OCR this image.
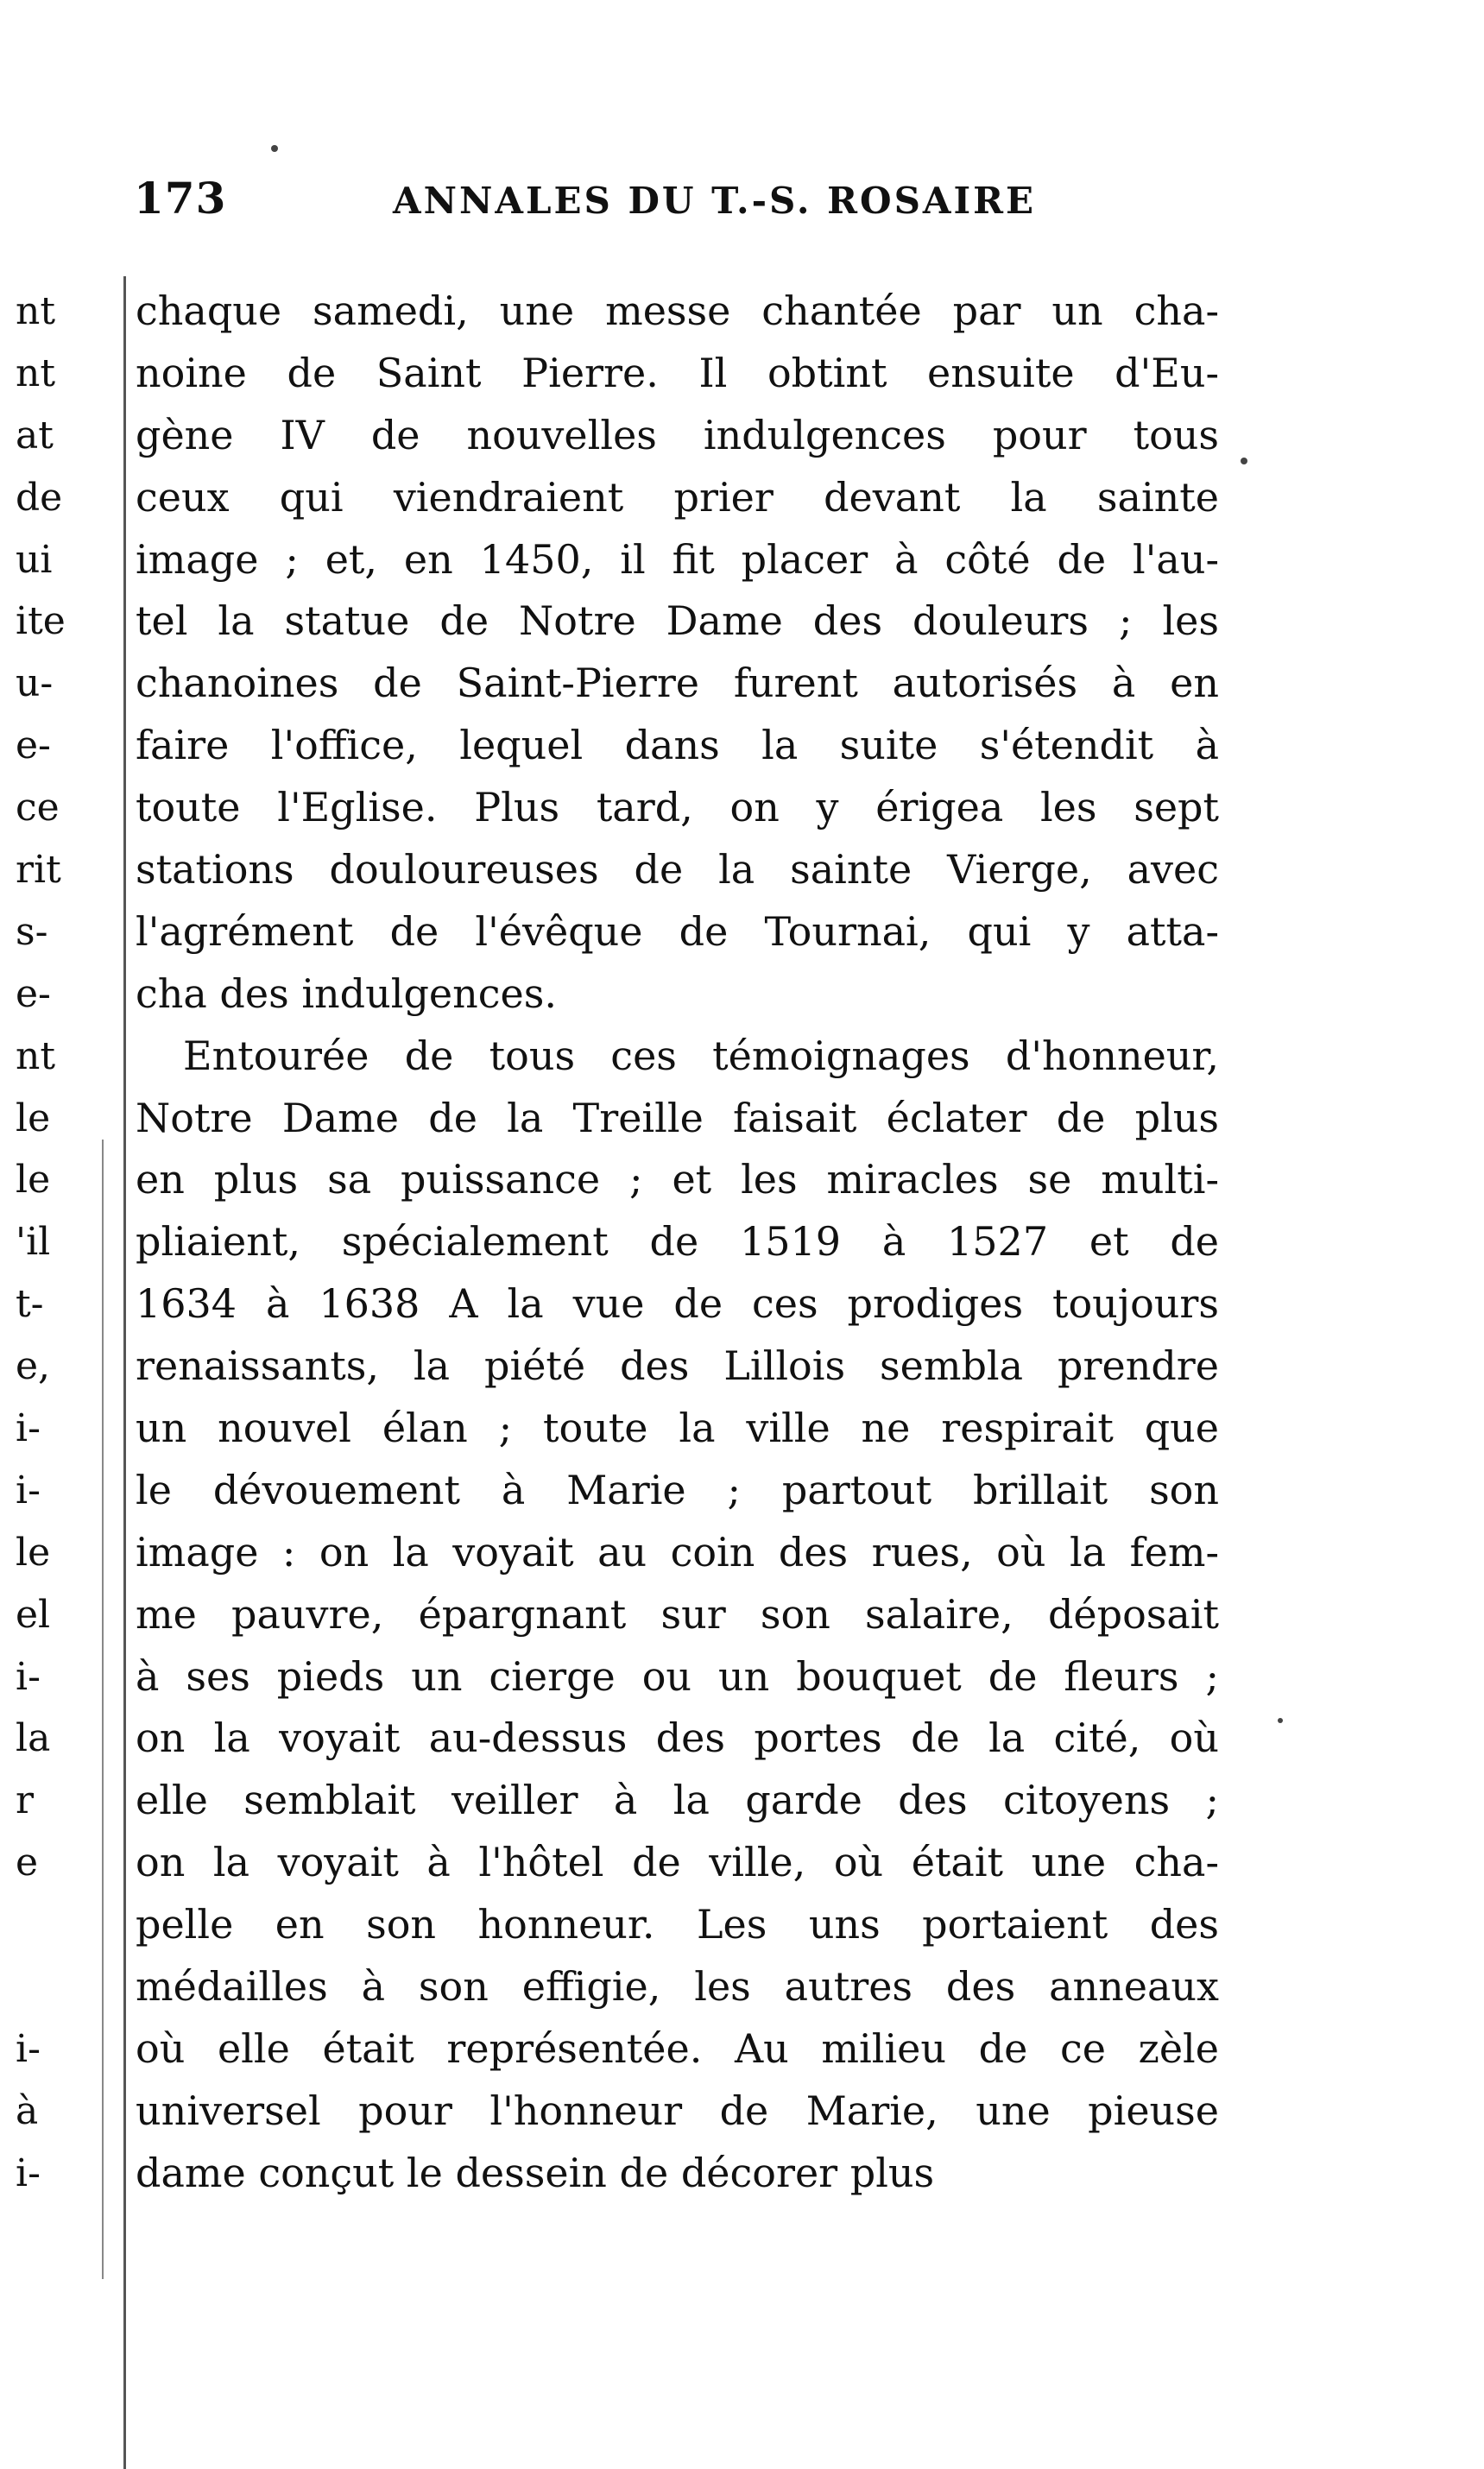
173	ANNALES DU T.-S. ROSAIRE
nt
nt
at
de
ui
ite
u-
e-
ce
rit
s-
e-
nt
le
le
'il
t-
e,
i-
i-
le
el
i-
la
r
e
i-
à
i-
chaque samedi, une messe chantée par un cha-
noine de Saint Pierre. Il obtint ensuite d'Eu-
gène IV de nouvelles indulgences pour tous
ceux qui viendraient prier devant la sainte
image ; et, en 1450, il fit placer à côté de l'au-
tel la statue de Notre Dame des douleurs ; les
chanoines de Saint-Pierre furent autorisés à en
faire l'office, lequel dans la suite s'étendit à
toute l'Eglise. Plus tard, on y érigea les sept
stations douloureuses de la sainte Vierge, avec
l'agrément de l'évêque de Tournai, qui y atta-
cha des indulgences.
Entourée de tous ces témoignages d'honneur,
Notre Dame de la Treille faisait éclater de plus
en plus sa puissance ; et les miracles se multi-
pliaient, spécialement de 1519 à 1527 et de
1634 à 1638 A la vue de ces prodiges toujours
renaissants, la piété des Lillois sembla prendre
un nouvel élan ; toute la ville ne respirait que
le dévouement à Marie ; partout brillait son
image : on la voyait au coin des rues, où la fem-
me pauvre, épargnant sur son salaire, déposait
à ses pieds un cierge ou un bouquet de fleurs ;
on la voyait au-dessus des portes de la cité, où
elle semblait veiller à la garde des citoyens ;
on la voyait à l'hôtel de ville, où était une cha-
pelle en son honneur. Les uns portaient des
médailles à son effigie, les autres des anneaux
où elle était représentée. Au milieu de ce zèle
universel pour l'honneur de Marie, une pieuse
dame conçut le dessein de décorer plus
